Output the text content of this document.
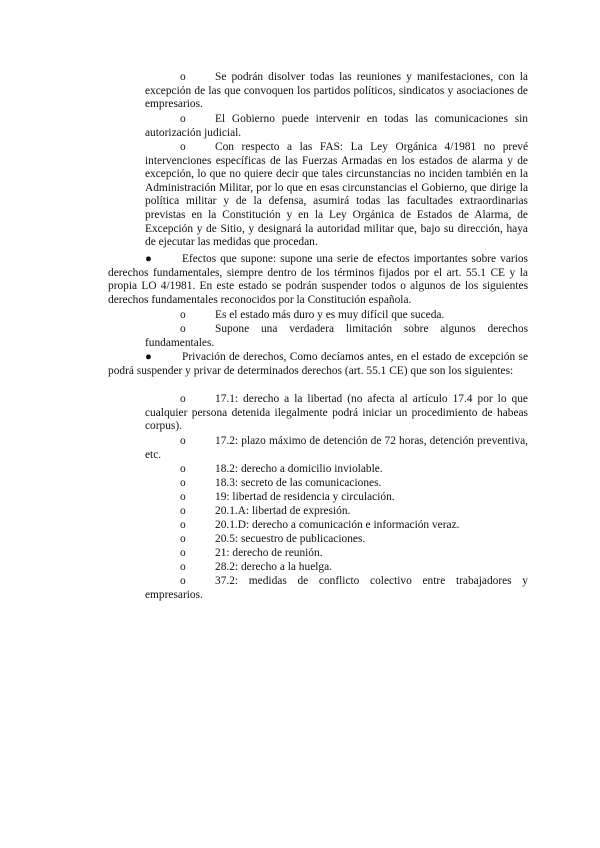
o	Se podrán disolver todas las reuniones y manifestaciones, con la excepción de las que convoquen los partidos políticos, sindicatos y asociaciones de empresarios.

o	El Gobierno puede intervenir en todas las comunicaciones sin autorización judicial.

o	Con respecto a las FAS: La Ley Orgánica 4/1981 no prevé intervenciones específicas de las Fuerzas Armadas en los estados de alarma y de excepción, lo que no quiere decir que tales circunstancias no inciden también en la Administración Militar, por lo que en esas circunstancias el Gobierno, que dirige la política militar y de la defensa, asumirá todas las facultades extraordinarias previstas en la Constitución y en la Ley Orgánica de Estados de Alarma, de Excepción y de Sitio, y designará la autoridad militar que, bajo su dirección, haya de ejecutar las medidas que procedan.

●	Efectos que supone: supone una serie de efectos importantes sobre varios derechos fundamentales, siempre dentro de los términos fijados por el art. 55.1 CE y la propia LO 4/1981. En este estado se podrán suspender todos o algunos de los siguientes derechos fundamentales reconocidos por la Constitución española.

o	Es el estado más duro y es muy difícil que suceda.

o	Supone una verdadera limitación sobre algunos derechos fundamentales.

●	Privación de derechos, Como decíamos antes, en el estado de excepción se podrá suspender y privar de determinados derechos (art. 55.1 CE) que son los siguientes:

o	17.1: derecho a la libertad (no afecta al artículo 17.4 por lo que cualquier persona detenida ilegalmente podrá iniciar un procedimiento de habeas corpus).

o	17.2: plazo máximo de detención de 72 horas, detención preventiva, etc.

o	18.2: derecho a domicilio inviolable.

o	18.3: secreto de las comunicaciones.

o	19: libertad de residencia y circulación.

o	20.1.A: libertad de expresión.

o	20.1.D: derecho a comunicación e información veraz.

o	20.5: secuestro de publicaciones.

o	21: derecho de reunión.

o	28.2: derecho a la huelga.

o	37.2: medidas de conflicto colectivo entre trabajadores y empresarios.
